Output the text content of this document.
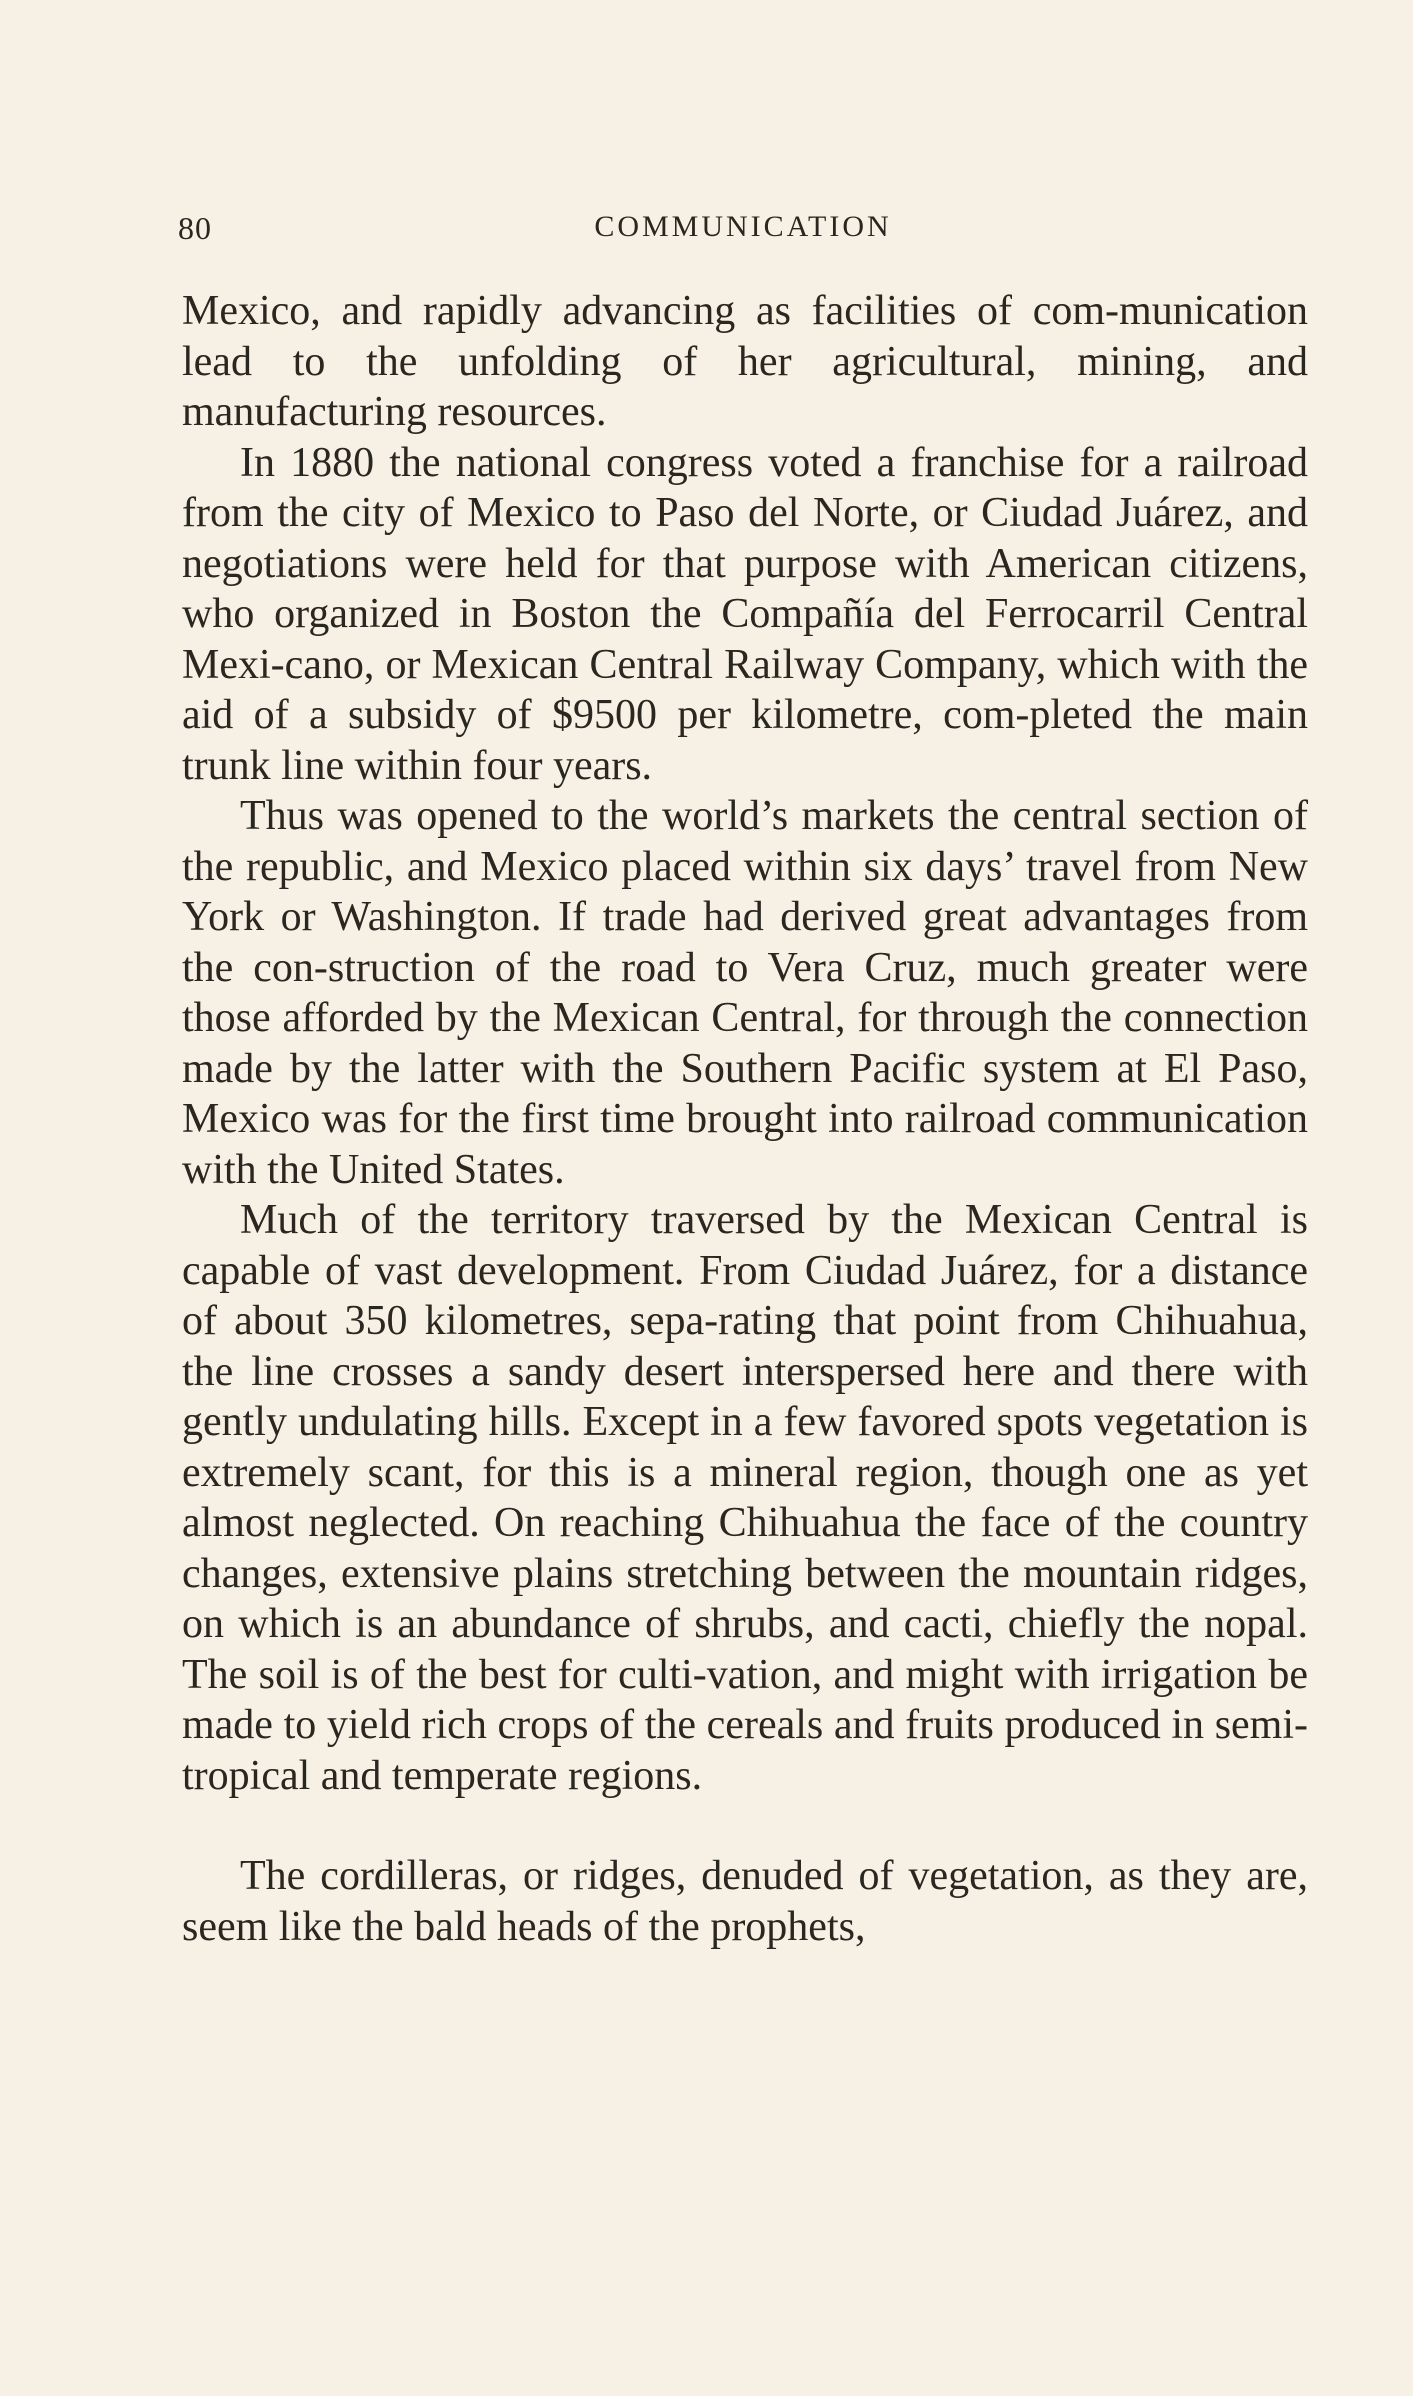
80	COMMUNICATION

Mexico, and rapidly advancing as facilities of com-munication lead to the unfolding of her agricultural, mining, and manufacturing resources.

In 1880 the national congress voted a franchise for a railroad from the city of Mexico to Paso del Norte, or Ciudad Juárez, and negotiations were held for that purpose with American citizens, who organized in Boston the Compañía del Ferrocarril Central Mexi-cano, or Mexican Central Railway Company, which with the aid of a subsidy of $9500 per kilometre, com-pleted the main trunk line within four years.

Thus was opened to the world’s markets the central section of the republic, and Mexico placed within six days’ travel from New York or Washington. If trade had derived great advantages from the con-struction of the road to Vera Cruz, much greater were those afforded by the Mexican Central, for through the connection made by the latter with the Southern Pacific system at El Paso, Mexico was for the first time brought into railroad communication with the United States.

Much of the territory traversed by the Mexican Central is capable of vast development. From Ciudad Juárez, for a distance of about 350 kilometres, sepa-rating that point from Chihuahua, the line crosses a sandy desert interspersed here and there with gently undulating hills. Except in a few favored spots vegetation is extremely scant, for this is a mineral region, though one as yet almost neglected. On reaching Chihuahua the face of the country changes, extensive plains stretching between the mountain ridges, on which is an abundance of shrubs, and cacti, chiefly the nopal. The soil is of the best for culti-vation, and might with irrigation be made to yield rich crops of the cereals and fruits produced in semi-tropical and temperate regions.

The cordilleras, or ridges, denuded of vegetation, as they are, seem like the bald heads of the prophets,
